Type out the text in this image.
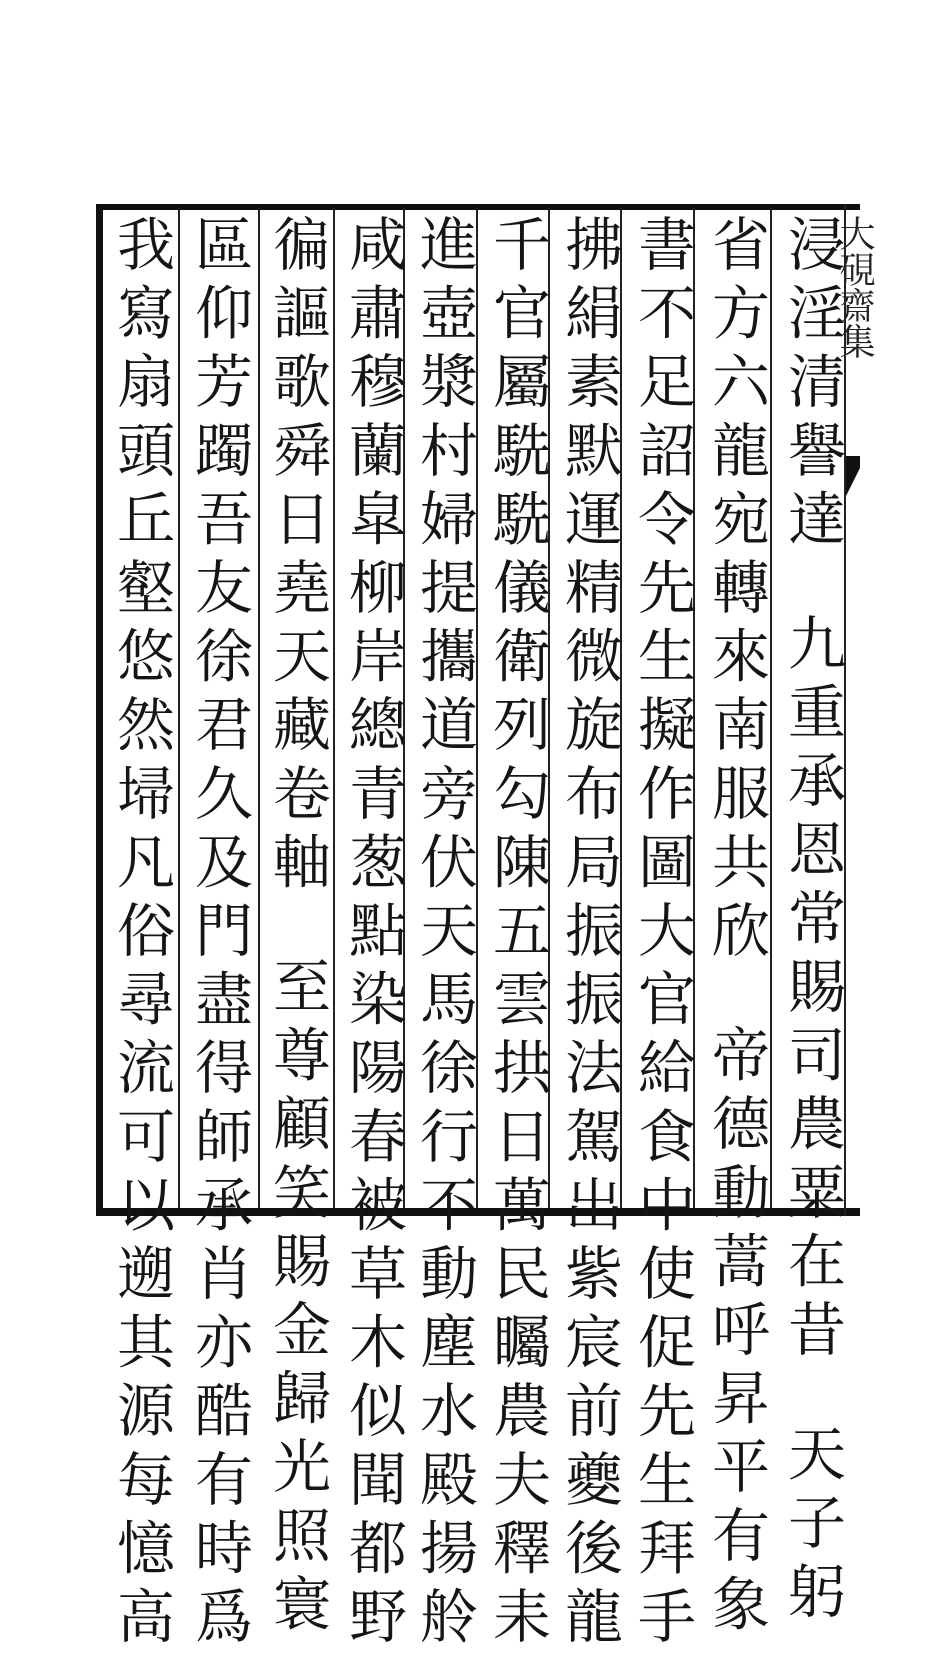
大硯齋集
浸淫清譽達九重承恩常賜司農粟在昔天子躬
省方六龍宛轉來南服共欣帝德動蒿呼昇平有象
書不足詔令先生擬作圖大官給食中使促先生拜手
拂絹素默運精微旋布局振振法駕出紫宸前夔後龍
千官屬駪駪儀衛列勾陳五雲拱日萬民矚農夫釋耒
進壺漿村婦提攜道旁伏天馬徐行不動塵水殿揚舲
咸肅穆蘭皐柳岸總青葱點染陽春被草木似聞都野
徧謳歌舜日堯天藏卷軸至尊顧笑賜金歸光照寰
區仰芳躅吾友徐君久及門盡得師承肖亦酷有時爲
我寫扇頭丘壑悠然埽凡俗尋流可以遡其源每憶高
